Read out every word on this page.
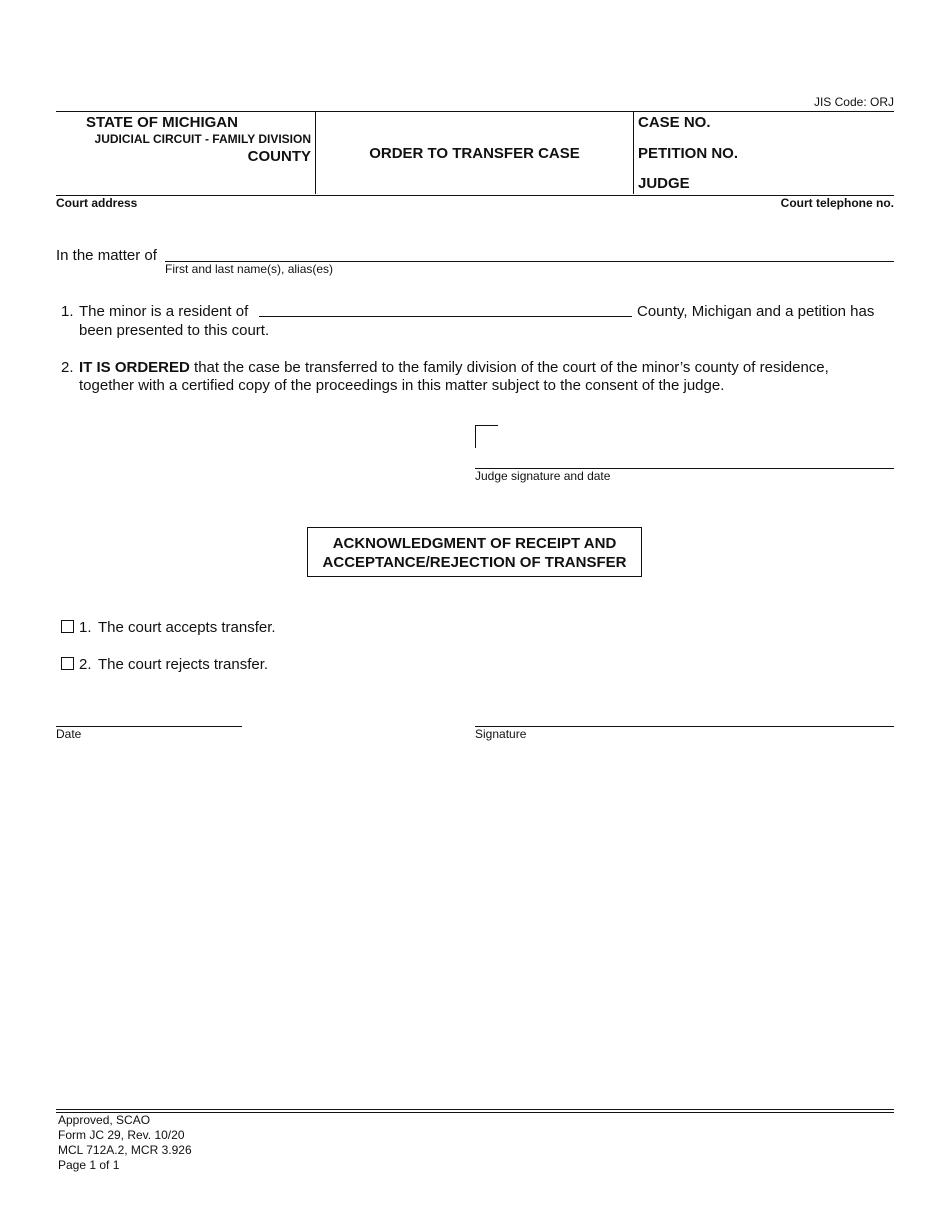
JIS Code: ORJ
STATE OF MICHIGAN
JUDICIAL CIRCUIT - FAMILY DIVISION
COUNTY	ORDER TO TRANSFER CASE
CASE NO.
PETITION NO.
JUDGE
Court address	Court telephone no.
In the matter of
First and last name(s), alias(es)
1. The minor is a resident of	County, Michigan and a petition has
been presented to this court.
2. IT IS ORDERED that the case be transferred to the family division of the court of the minor’s county of residence,
together with a certified copy of the proceedings in this matter subject to the consent of the judge.
Judge signature and date
ACKNOWLEDGMENT OF RECEIPT AND
ACCEPTANCE/REJECTION OF TRANSFER
1. The court accepts transfer.
2. The court rejects transfer.
Date	Signature
Approved, SCAO
Form JC 29, Rev. 10/20
MCL 712A.2, MCR 3.926
Page 1 of 1
